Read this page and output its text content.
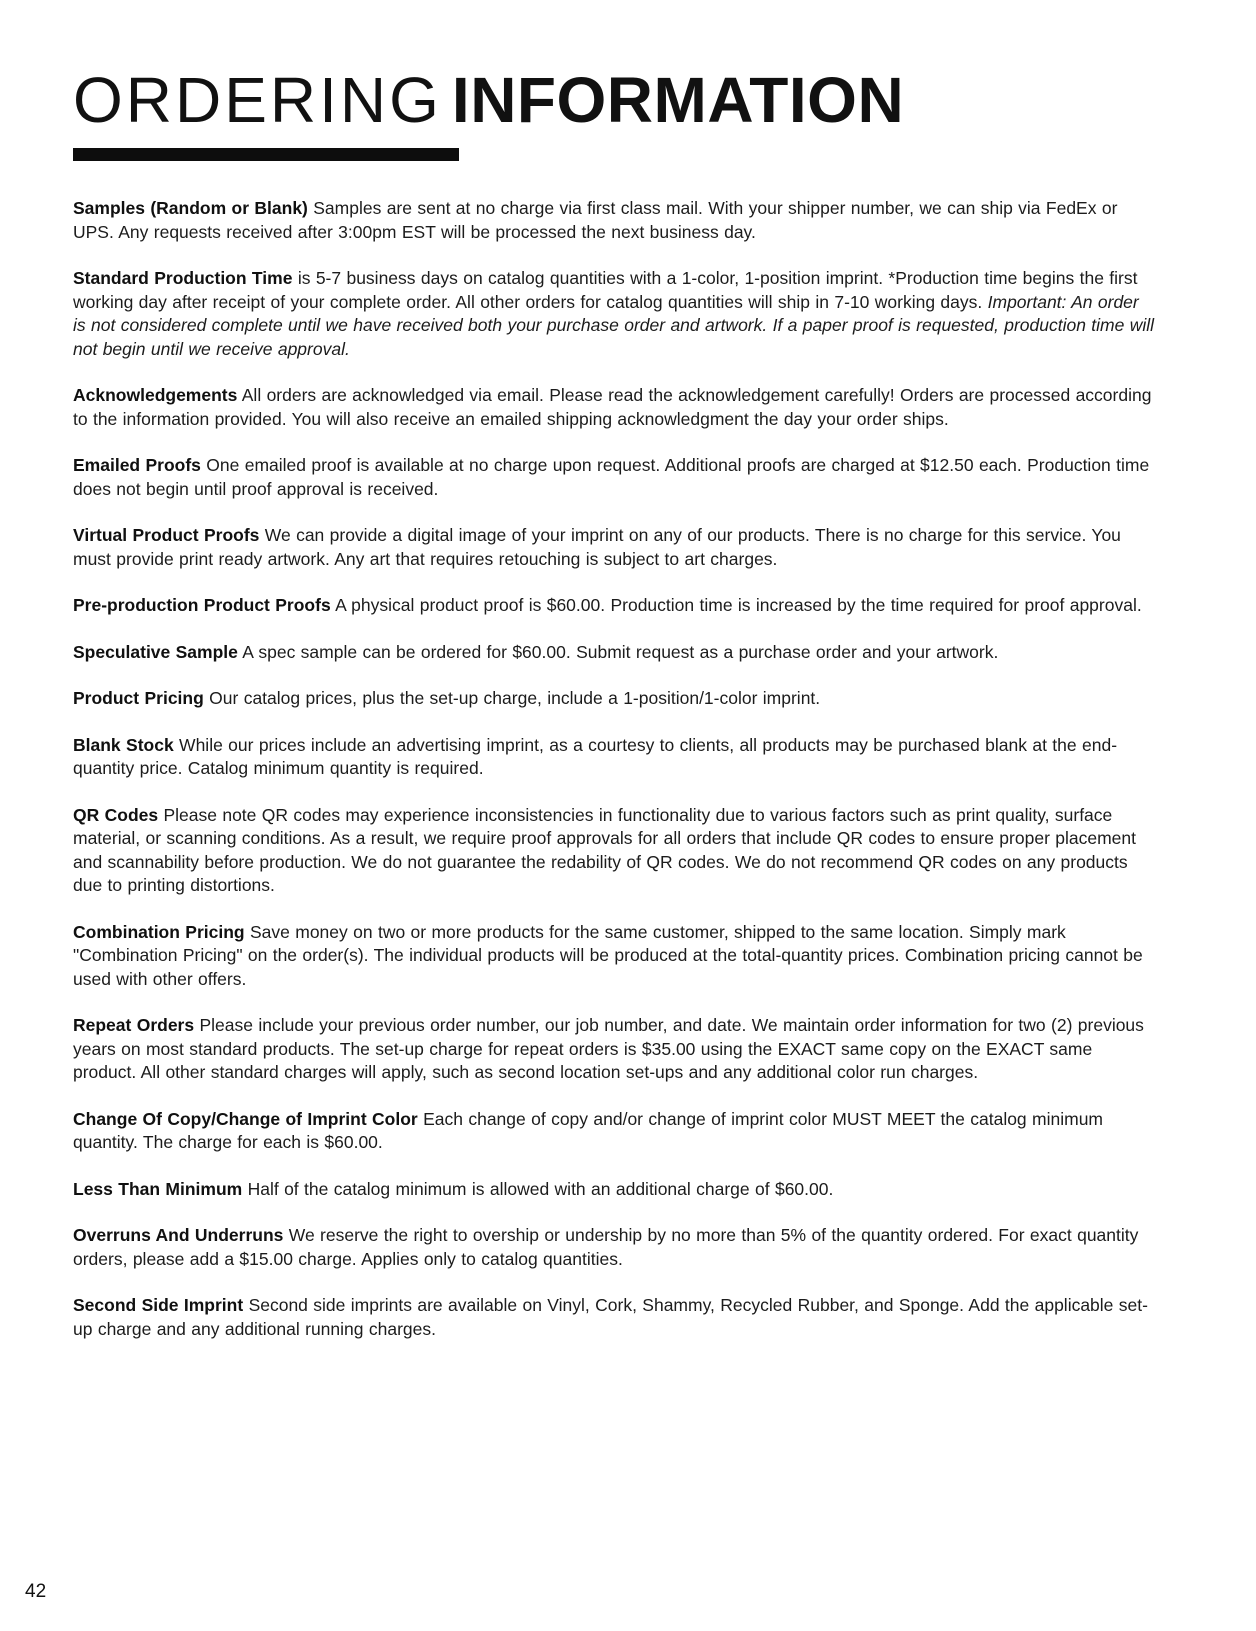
ORDERING INFORMATION

Samples (Random or Blank) Samples are sent at no charge via first class mail. With your shipper number, we can ship via FedEx or UPS. Any requests received after 3:00pm EST will be processed the next business day.

Standard Production Time is 5-7 business days on catalog quantities with a 1-color, 1-position imprint. *Production time begins the first working day after receipt of your complete order. All other orders for catalog quantities will ship in 7-10 working days. Important: An order is not considered complete until we have received both your purchase order and artwork. If a paper proof is requested, production time will not begin until we receive approval.

Acknowledgements All orders are acknowledged via email. Please read the acknowledgement carefully! Orders are processed according to the information provided. You will also receive an emailed shipping acknowledgment the day your order ships.

Emailed Proofs One emailed proof is available at no charge upon request. Additional proofs are charged at $12.50 each. Production time does not begin until proof approval is received.

Virtual Product Proofs We can provide a digital image of your imprint on any of our products. There is no charge for this service. You must provide print ready artwork. Any art that requires retouching is subject to art charges.

Pre-production Product Proofs A physical product proof is $60.00. Production time is increased by the time required for proof approval.

Speculative Sample A spec sample can be ordered for $60.00. Submit request as a purchase order and your artwork.

Product Pricing Our catalog prices, plus the set-up charge, include a 1-position/1-color imprint.

Blank Stock While our prices include an advertising imprint, as a courtesy to clients, all products may be purchased blank at the end-quantity price. Catalog minimum quantity is required.

QR Codes Please note QR codes may experience inconsistencies in functionality due to various factors such as print quality, surface material, or scanning conditions. As a result, we require proof approvals for all orders that include QR codes to ensure proper placement and scannability before production. We do not guarantee the redability of QR codes. We do not recommend QR codes on any products due to printing distortions.

Combination Pricing Save money on two or more products for the same customer, shipped to the same location. Simply mark "Combination Pricing" on the order(s). The individual products will be produced at the total-quantity prices. Combination pricing cannot be used with other offers.

Repeat Orders Please include your previous order number, our job number, and date. We maintain order information for two (2) previous years on most standard products. The set-up charge for repeat orders is $35.00 using the EXACT same copy on the EXACT same product. All other standard charges will apply, such as second location set-ups and any additional color run charges.

Change Of Copy/Change of Imprint Color Each change of copy and/or change of imprint color MUST MEET the catalog minimum quantity. The charge for each is $60.00.

Less Than Minimum Half of the catalog minimum is allowed with an additional charge of $60.00.

Overruns And Underruns We reserve the right to overship or undership by no more than 5% of the quantity ordered. For exact quantity orders, please add a $15.00 charge. Applies only to catalog quantities.

Second Side Imprint Second side imprints are available on Vinyl, Cork, Shammy, Recycled Rubber, and Sponge. Add the applicable set-up charge and any additional running charges.

42
